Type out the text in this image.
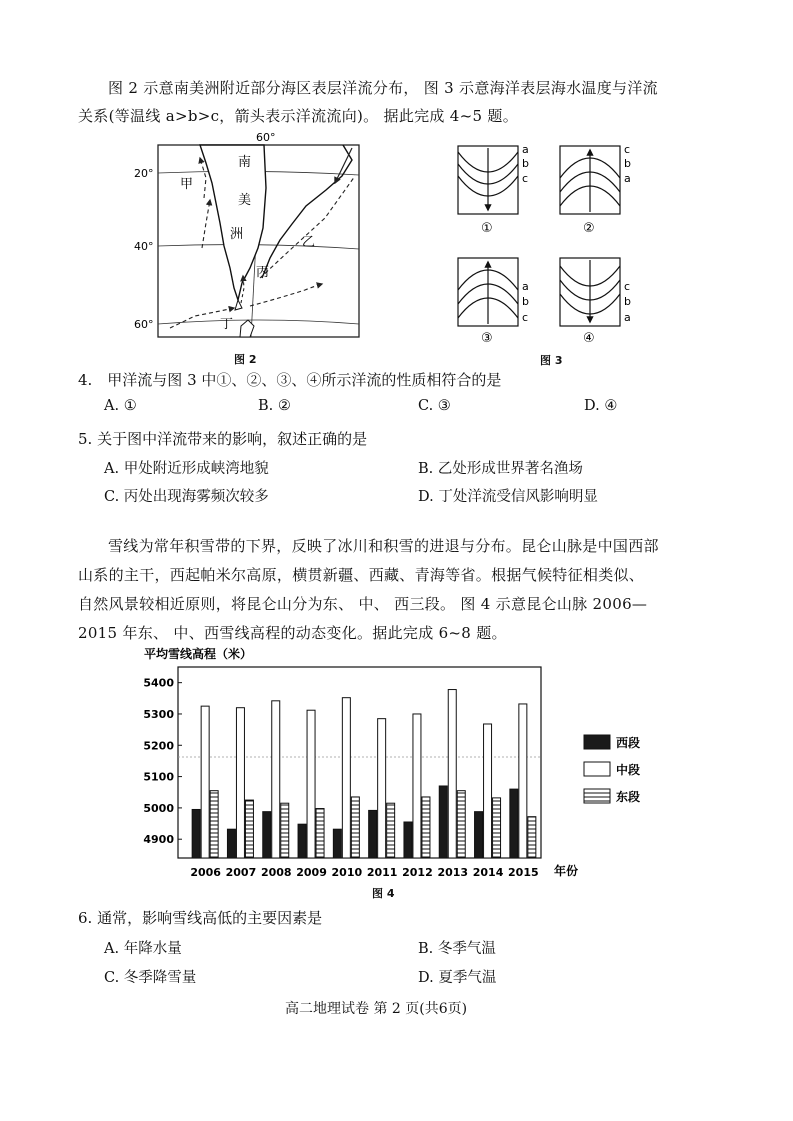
图 2 示意南美洲附近部分海区表层洋流分布， 图 3 示意海洋表层海水温度与洋流
关系(等温线 a>b>c，箭头表示洋流流向)。 据此完成 4~5 题。
60°
20°
40°
60°
南
美
洲
甲
乙
丙
丁
图 2
a
b
c
①
c
b
a
②
a
b
c
③
c
b
a
④
图 3
4.　甲洋流与图 3 中①、②、③、④所示洋流的性质相符合的是
A. ①	B. ②	C. ③	D. ④
5. 关于图中洋流带来的影响，叙述正确的是
A. 甲处附近形成峡湾地貌	B. 乙处形成世界著名渔场
C. 丙处出现海雾频次较多	D. 丁处洋流受信风影响明显
雪线为常年积雪带的下界，反映了冰川和积雪的进退与分布。昆仑山脉是中国西部
山系的主干，西起帕米尔高原，横贯新疆、西藏、青海等省。根据气候特征相类似、
自然风景较相近原则，将昆仑山分为东、 中、 西三段。 图 4 示意昆仑山脉 2006—
2015 年东、 中、西雪线高程的动态变化。据此完成 6~8 题。
平均雪线高程（米）
4900
5000
5100
5200
5300
5400
2006 2007 2008 2009 2010 2011 2012 2013 2014 2015 年份
西段
中段
东段
图 4
6. 通常，影响雪线高低的主要因素是
A. 年降水量	B. 冬季气温
C. 冬季降雪量	D. 夏季气温
高二地理试卷 第 2 页(共6页)
